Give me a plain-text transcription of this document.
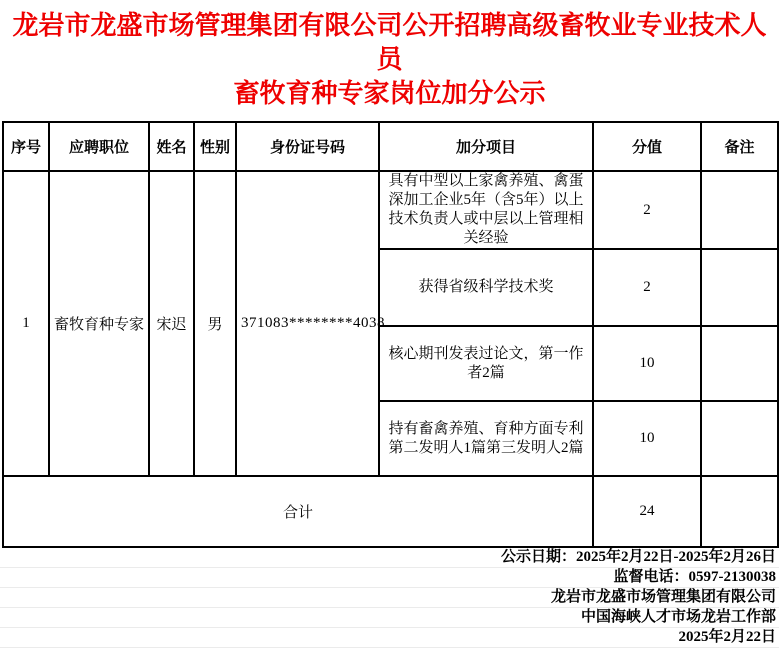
龙岩市龙盛市场管理集团有限公司公开招聘高级畜牧业专业技术人员
畜牧育种专家岗位加分公示
序号	应聘职位	姓名	性别	身份证号码	加分项目	分值	备注
1	畜牧育种专家	宋迟	男	371083********4038	具有中型以上家禽养殖、禽蛋深加工企业5年（含5年）以上技术负责人或中层以上管理相关经验	2	
					获得省级科学技术奖	2	
					核心期刊发表过论文，第一作者2篇	10	
					持有畜禽养殖、育种方面专利第二发明人1篇第三发明人2篇	10	
合计						24	
公示日期：2025年2月22日-2025年2月26日
监督电话：0597-2130038
龙岩市龙盛市场管理集团有限公司
中国海峡人才市场龙岩工作部
2025年2月22日
